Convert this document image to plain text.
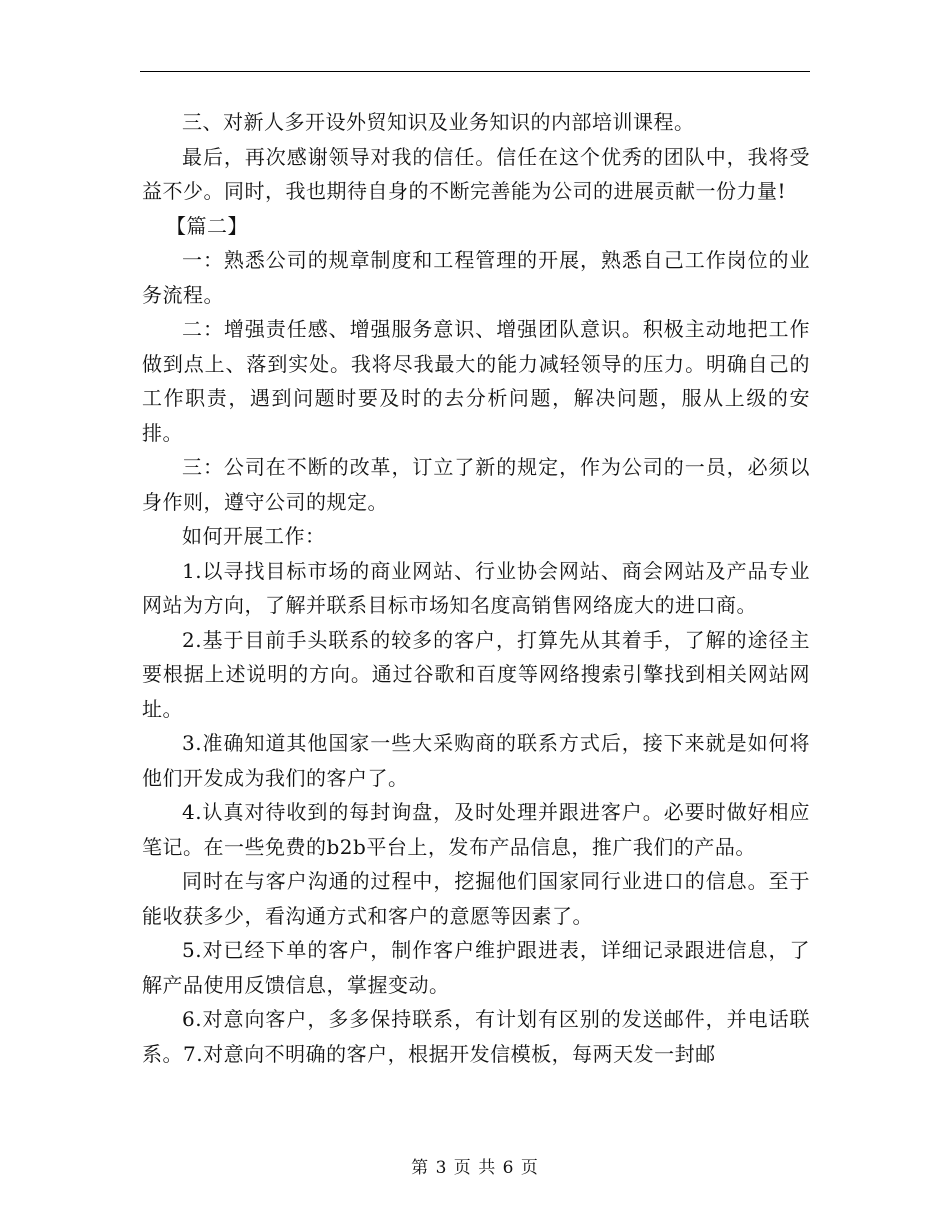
三、对新人多开设外贸知识及业务知识的内部培训课程。

最后，再次感谢领导对我的信任。信任在这个优秀的团队中，我将受益不少。同时，我也期待自身的不断完善能为公司的进展贡献一份力量!

【篇二】

一：熟悉公司的规章制度和工程管理的开展，熟悉自己工作岗位的业务流程。

二：增强责任感、增强服务意识、增强团队意识。积极主动地把工作做到点上、落到实处。我将尽我最大的能力减轻领导的压力。明确自己的工作职责，遇到问题时要及时的去分析问题，解决问题，服从上级的安排。

三：公司在不断的改革，订立了新的规定，作为公司的一员，必须以身作则，遵守公司的规定。

如何开展工作：

1.以寻找目标市场的商业网站、行业协会网站、商会网站及产品专业网站为方向，了解并联系目标市场知名度高销售网络庞大的进口商。

2.基于目前手头联系的较多的客户，打算先从其着手，了解的途径主要根据上述说明的方向。通过谷歌和百度等网络搜索引擎找到相关网站网址。

3.准确知道其他国家一些大采购商的联系方式后，接下来就是如何将他们开发成为我们的客户了。

4.认真对待收到的每封询盘，及时处理并跟进客户。必要时做好相应笔记。在一些免费的b2b平台上，发布产品信息，推广我们的产品。

同时在与客户沟通的过程中，挖掘他们国家同行业进口的信息。至于能收获多少，看沟通方式和客户的意愿等因素了。

5.对已经下单的客户，制作客户维护跟进表，详细记录跟进信息，了解产品使用反馈信息，掌握变动。

6.对意向客户，多多保持联系，有计划有区别的发送邮件，并电话联系。7.对意向不明确的客户，根据开发信模板，每两天发一封邮

第 3 页 共 6 页
